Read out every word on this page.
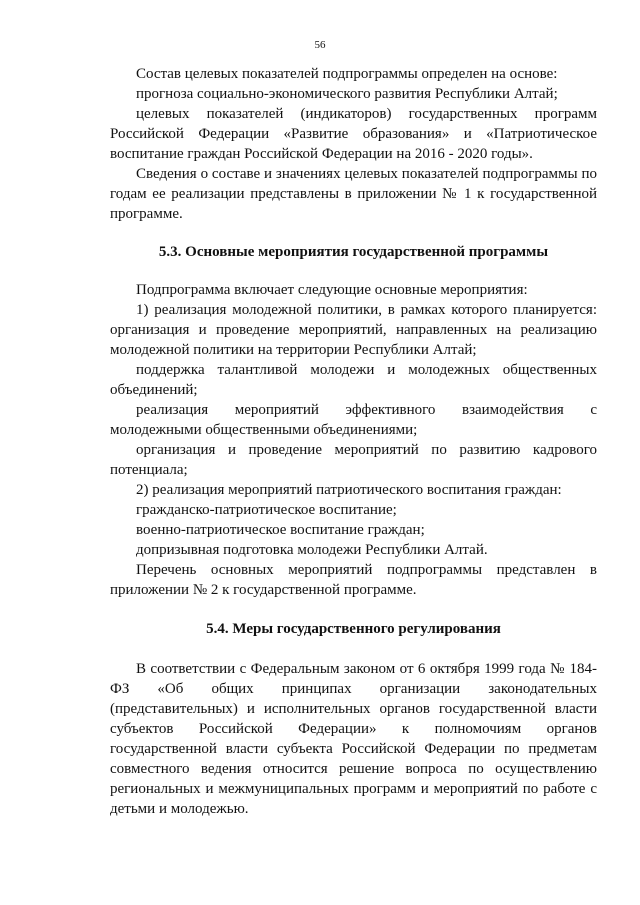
56

Состав целевых показателей подпрограммы определен на основе:

прогноза социально-экономического развития Республики Алтай;

целевых показателей (индикаторов) государственных программ Российской Федерации «Развитие образования» и «Патриотическое воспитание граждан Российской Федерации на 2016 - 2020 годы».

Сведения о составе и значениях целевых показателей подпрограммы по годам ее реализации представлены в приложении № 1 к государственной программе.

5.3. Основные мероприятия государственной программы

Подпрограмма включает следующие основные мероприятия:

1) реализация молодежной политики, в рамках которого планируется: организация и проведение мероприятий, направленных на реализацию молодежной политики на территории Республики Алтай;

поддержка талантливой молодежи и молодежных общественных объединений;

реализация мероприятий эффективного взаимодействия с молодежными общественными объединениями;

организация и проведение мероприятий по развитию кадрового потенциала;

2) реализация мероприятий патриотического воспитания граждан:

гражданско-патриотическое воспитание;

военно-патриотическое воспитание граждан;

допризывная подготовка молодежи Республики Алтай.

Перечень основных мероприятий подпрограммы представлен в приложении № 2 к государственной программе.

5.4. Меры государственного регулирования

В соответствии с Федеральным законом от 6 октября 1999 года № 184-ФЗ «Об общих принципах организации законодательных (представительных) и исполнительных органов государственной власти субъектов Российской Федерации» к полномочиям органов государственной власти субъекта Российской Федерации по предметам совместного ведения относится решение вопроса по осуществлению региональных и межмуниципальных программ и мероприятий по работе с детьми и молодежью.
